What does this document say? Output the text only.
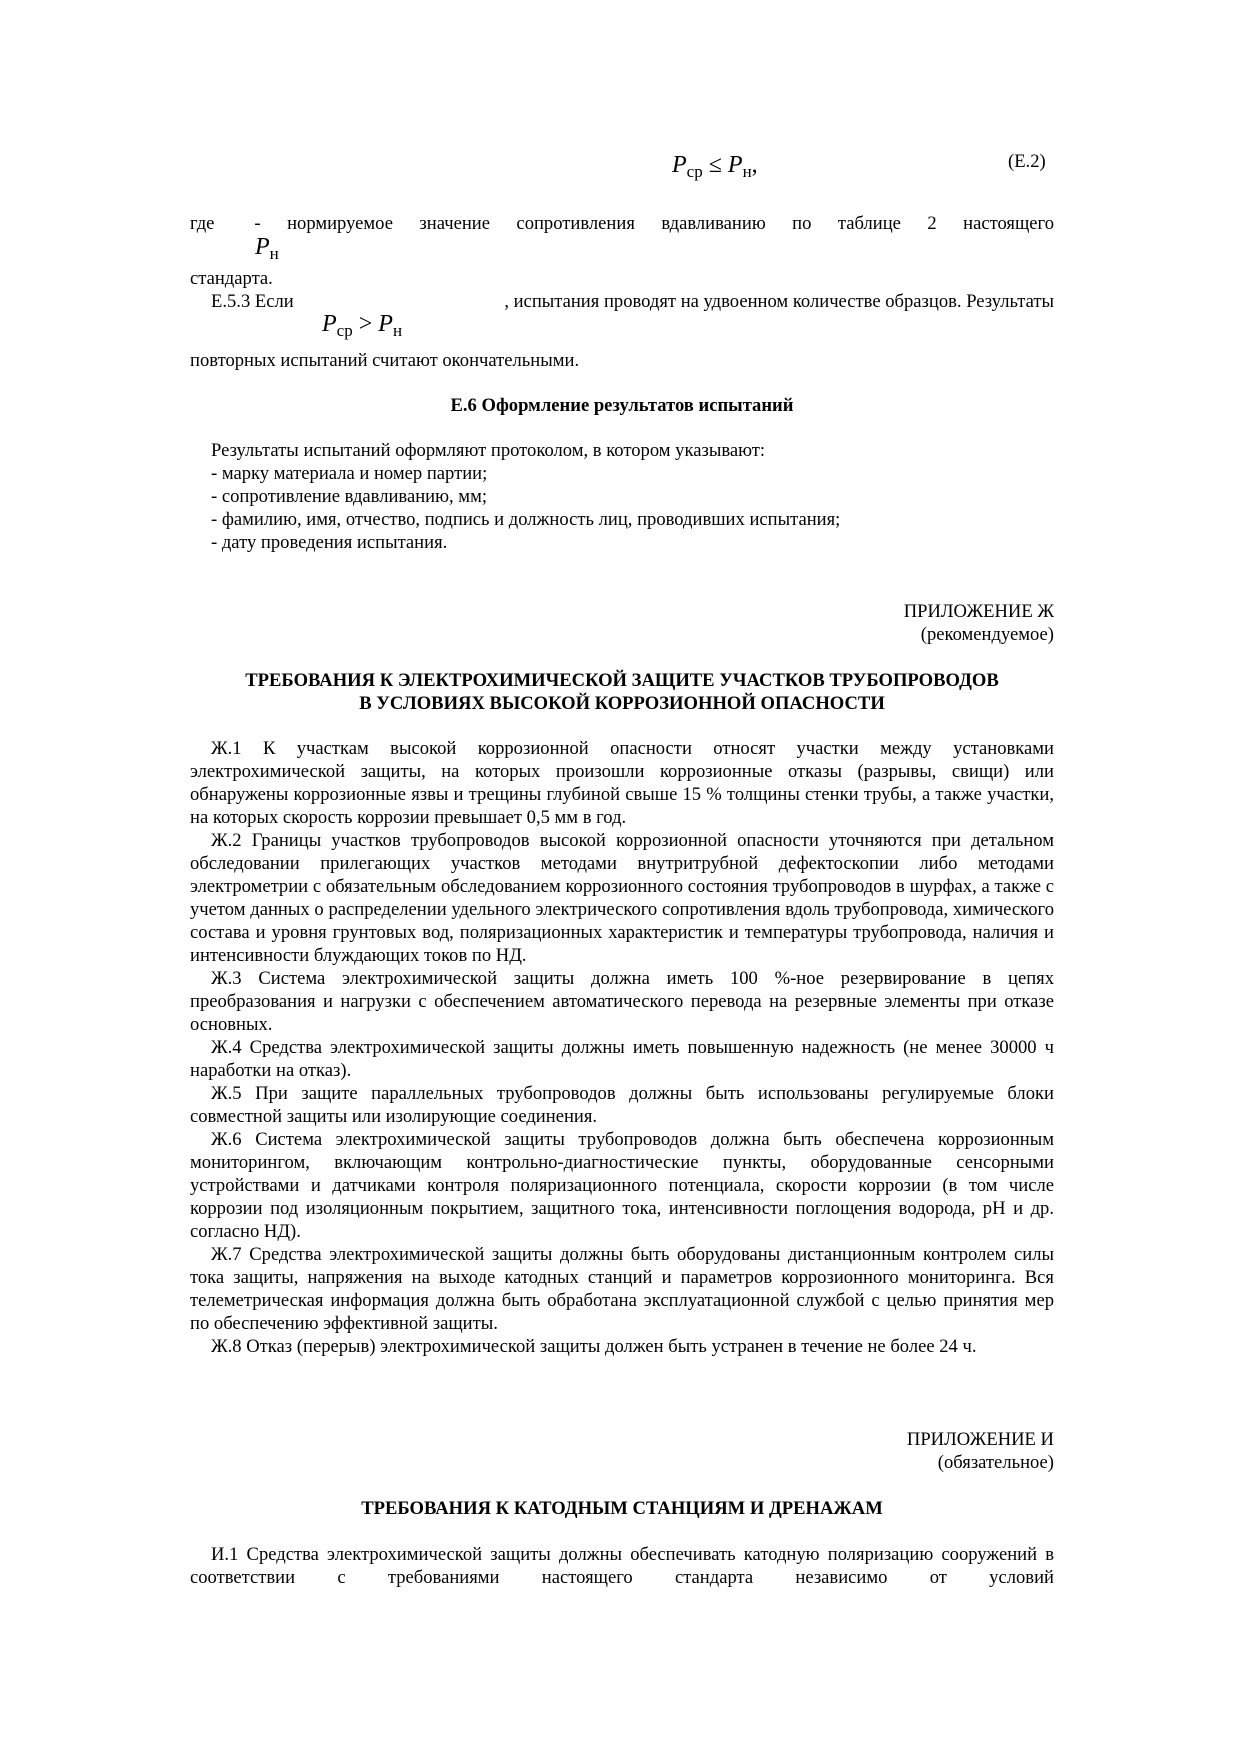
$P_{ср} \le P_н$,	(Е.2)
где - нормируемое значение сопротивления вдавливанию по таблице 2 настоящего
$P_н$
стандарта.
Е.5.3 Если	, испытания проводят на удвоенном количестве образцов. Результаты
$P_{ср} > P_н$
повторных испытаний считают окончательными.
Е.6 Оформление результатов испытаний
Результаты испытаний оформляют протоколом, в котором указывают:
- марку материала и номер партии;
- сопротивление вдавливанию, мм;
- фамилию, имя, отчество, подпись и должность лиц, проводивших испытания;
- дату проведения испытания.
ПРИЛОЖЕНИЕ Ж
(рекомендуемое)
ТРЕБОВАНИЯ К ЭЛЕКТРОХИМИЧЕСКОЙ ЗАЩИТЕ УЧАСТКОВ ТРУБОПРОВОДОВ
В УСЛОВИЯХ ВЫСОКОЙ КОРРОЗИОННОЙ ОПАСНОСТИ

Ж.1 К участкам высокой коррозионной опасности относят участки между установками электрохимической защиты, на которых произошли коррозионные отказы (разрывы, свищи) или обнаружены коррозионные язвы и трещины глубиной свыше 15 % толщины стенки трубы, а также участки, на которых скорость коррозии превышает 0,5 мм в год.

Ж.2 Границы участков трубопроводов высокой коррозионной опасности уточняются при детальном обследовании прилегающих участков методами внутритрубной дефектоскопии либо методами электрометрии с обязательным обследованием коррозионного состояния трубопроводов в шурфах, а также с учетом данных о распределении удельного электрического сопротивления вдоль трубопровода, химического состава и уровня грунтовых вод, поляризационных характеристик и температуры трубопровода, наличия и интенсивности блуждающих токов по НД.

Ж.3 Система электрохимической защиты должна иметь 100 %-ное резервирование в цепях преобразования и нагрузки с обеспечением автоматического перевода на резервные элементы при отказе основных.

Ж.4 Средства электрохимической защиты должны иметь повышенную надежность (не менее 30000 ч наработки на отказ).

Ж.5 При защите параллельных трубопроводов должны быть использованы регулируемые блоки совместной защиты или изолирующие соединения.

Ж.6 Система электрохимической защиты трубопроводов должна быть обеспечена коррозионным мониторингом, включающим контрольно-диагностические пункты, оборудованные сенсорными устройствами и датчиками контроля поляризационного потенциала, скорости коррозии (в том числе коррозии под изоляционным покрытием, защитного тока, интенсивности поглощения водорода, pH и др. согласно НД).

Ж.7 Средства электрохимической защиты должны быть оборудованы дистанционным контролем силы тока защиты, напряжения на выходе катодных станций и параметров коррозионного мониторинга. Вся телеметрическая информация должна быть обработана эксплуатационной службой с целью принятия мер по обеспечению эффективной защиты.

Ж.8 Отказ (перерыв) электрохимической защиты должен быть устранен в течение не более 24 ч.

ПРИЛОЖЕНИЕ И
(обязательное)
ТРЕБОВАНИЯ К КАТОДНЫМ СТАНЦИЯМ И ДРЕНАЖАМ

И.1 Средства электрохимической защиты должны обеспечивать катодную поляризацию сооружений в соответствии с требованиями настоящего стандарта независимо от условий
